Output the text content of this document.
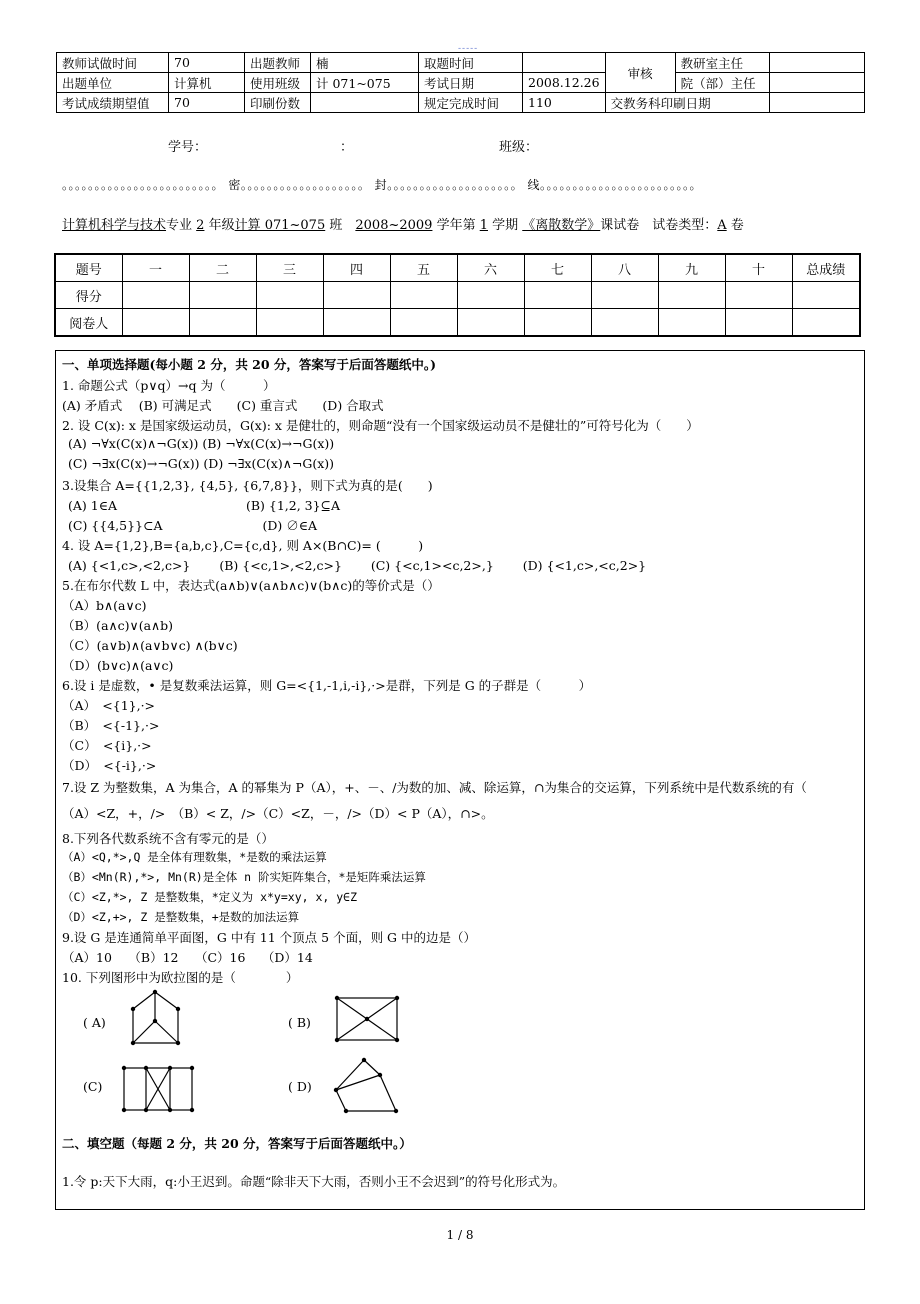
-----
教师试做时间	70	出题教师	楠	取题时间		审核	教研室主任	
出题单位	计算机	使用班级	计 071~075	考试日期	2008.12.26		院（部）主任	
考试成绩期望值	70	印刷份数		规定完成时间	110	交教务科印刷日期		
学号：	：	班级：
。。。。。。。。。。。。。。。。。。。。。。。。 密。。。。。。。。。。。。。。。。。。。 封。。。。。。。。。。。。。。。。。。。。 线。。。。。。。。。。。。。。。。。。。。。。。。
计算机科学与技术专业 2 年级计算 071~075 班　2008~2009 学年第 1 学期 《离散数学》课试卷　试卷类型：A 卷
题号	一	二	三	四	五	六	七	八	九	十	总成绩
得分											
阅卷人											
一、单项选择题(每小题 2 分，共 20 分，答案写于后面答题纸中。)
1. 命题公式（p∨q）→q 为（　　　）
(A) 矛盾式　 (B) 可满足式　　(C) 重言式　　(D) 合取式
2. 设 C(x): x 是国家级运动员，G(x): x 是健壮的，则命题“没有一个国家级运动员不是健壮的”可符号化为（　　）
(A) ¬∀x(C(x)∧¬G(x)) (B) ¬∀x(C(x)→¬G(x))
(C) ¬∃x(C(x)→¬G(x)) (D) ¬∃x(C(x)∧¬G(x))
3.设集合 A={{1,2,3}, {4,5}, {6,7,8}}，则下式为真的是(　　)
(A) 1∈A　　　　　　　　　　 (B) {1,2, 3}⊆A
(C) {{4,5}}⊂A　　　　　　　　(D) ∅∈A
4. 设 A={1,2},B={a,b,c},C={c,d}, 则 A×(B∩C)= (　　　)
(A) {<1,c>,<2,c>}　　 (B) {<c,1>,<2,c>}　　 (C) {<c,1><c,2>,}　　 (D) {<1,c>,<c,2>}
5.在布尔代数 L 中，表达式(a∧b)∨(a∧b∧c)∨(b∧c)的等价式是（）
（A）b∧(a∨c)
（B）(a∧c)∨(a∧b)
（C）(a∨b)∧(a∨b∨c) ∧(b∨c)
（D）(b∨c)∧(a∨c)
6.设 i 是虚数，• 是复数乘法运算，则 G=<{1,-1,i,-i},·>是群，下列是 G 的子群是（　　　）
（A）　<{1},·>
（B）　<{-1},·>
（C）　<{i},·>
（D）　<{-i},·>
7.设 Z 为整数集，A 为集合，A 的幂集为 P（A），+、－、/为数的加、减、除运算，∩为集合的交运算，下列系统中是代数系统的有（
（A）<Z，+，/>　（B）< Z，/>（C）<Z，－，/>（D）< P（A），∩>。
8.下列各代数系统不含有零元的是（）
（A）<Q,*>,Q 是全体有理数集，*是数的乘法运算
（B）<Mn(R),*>, Mn(R)是全体 n 阶实矩阵集合，*是矩阵乘法运算
（C）<Z,*>, Z 是整数集，*定义为 x*y=xy, x, y∈Z
（D）<Z,+>, Z 是整数集，+是数的加法运算
9.设 G 是连通简单平面图，G 中有 11 个顶点 5 个面，则 G 中的边是（）
（A）10　 （B）12　 （C）16　 （D）14
10. 下列图形中为欧拉图的是（　　　　）
( A)	( B)
(C)	( D)
二、填空题（每题 2 分，共 20 分，答案写于后面答题纸中。）
1.令 p:天下大雨，q:小王迟到。命题“除非天下大雨，否则小王不会迟到”的符号化形式为。
1 / 8
